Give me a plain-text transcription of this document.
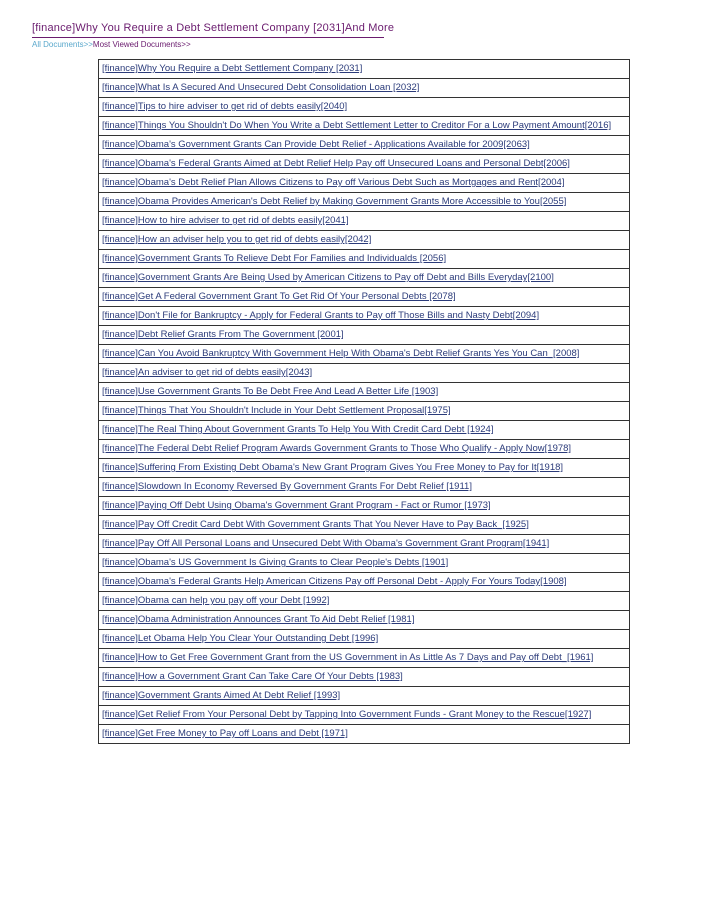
[finance]Why You Require a Debt Settlement Company [2031]And More
All Documents>>Most Viewed Documents>>
[finance]Why You Require a Debt Settlement Company [2031]
[finance]What Is A Secured And Unsecured Debt Consolidation Loan [2032]
[finance]Tips to hire adviser to get rid of debts easily[2040]
[finance]Things You Shouldn't Do When You Write a Debt Settlement Letter to Creditor For a Low Payment Amount[2016]
[finance]Obama's Government Grants Can Provide Debt Relief - Applications Available for 2009[2063]
[finance]Obama's Federal Grants Aimed at Debt Relief Help Pay off Unsecured Loans and Personal Debt[2006]
[finance]Obama's Debt Relief Plan Allows Citizens to Pay off Various Debt Such as Mortgages and Rent[2004]
[finance]Obama Provides American's Debt Relief by Making Government Grants More Accessible to You[2055]
[finance]How to hire adviser to get rid of debts easily[2041]
[finance]How an adviser help you to get rid of debts easily[2042]
[finance]Government Grants To Relieve Debt For Families and Individualds [2056]
[finance]Government Grants Are Being Used by American Citizens to Pay off Debt and Bills Everyday[2100]
[finance]Get A Federal Government Grant To Get Rid Of Your Personal Debts [2078]
[finance]Don't File for Bankruptcy - Apply for Federal Grants to Pay off Those Bills and Nasty Debt[2094]
[finance]Debt Relief Grants From The Government [2001]
[finance]Can You Avoid Bankruptcy With Government Help With Obama's Debt Relief Grants Yes You Can_[2008]
[finance]An adviser to get rid of debts easily[2043]
[finance]Use Government Grants To Be Debt Free And Lead A Better Life [1903]
[finance]Things That You Shouldn't Include in Your Debt Settlement Proposal[1975]
[finance]The Real Thing About Government Grants To Help You With Credit Card Debt [1924]
[finance]The Federal Debt Relief Program Awards Government Grants to Those Who Qualify - Apply Now[1978]
[finance]Suffering From Existing Debt Obama's New Grant Program Gives You Free Money to Pay for It[1918]
[finance]Slowdown In Economy Reversed By Government Grants For Debt Relief [1911]
[finance]Paying Off Debt Using Obama's Government Grant Program - Fact or Rumor [1973]
[finance]Pay Off Credit Card Debt With Government Grants That You Never Have to Pay Back_[1925]
[finance]Pay Off All Personal Loans and Unsecured Debt With Obama's Government Grant Program[1941]
[finance]Obama's US Government Is Giving Grants to Clear People's Debts [1901]
[finance]Obama's Federal Grants Help American Citizens Pay off Personal Debt - Apply For Yours Today[1908]
[finance]Obama can help you pay off your Debt [1992]
[finance]Obama Administration Announces Grant To Aid Debt Relief [1981]
[finance]Let Obama Help You Clear Your Outstanding Debt [1996]
[finance]How to Get Free Government Grant from the US Government in As Little As 7 Days and Pay off Debt_[1961]
[finance]How a Government Grant Can Take Care Of Your Debts [1983]
[finance]Government Grants Aimed At Debt Relief [1993]
[finance]Get Relief From Your Personal Debt by Tapping Into Government Funds - Grant Money to the Rescue[1927]
[finance]Get Free Money to Pay off Loans and Debt [1971]
